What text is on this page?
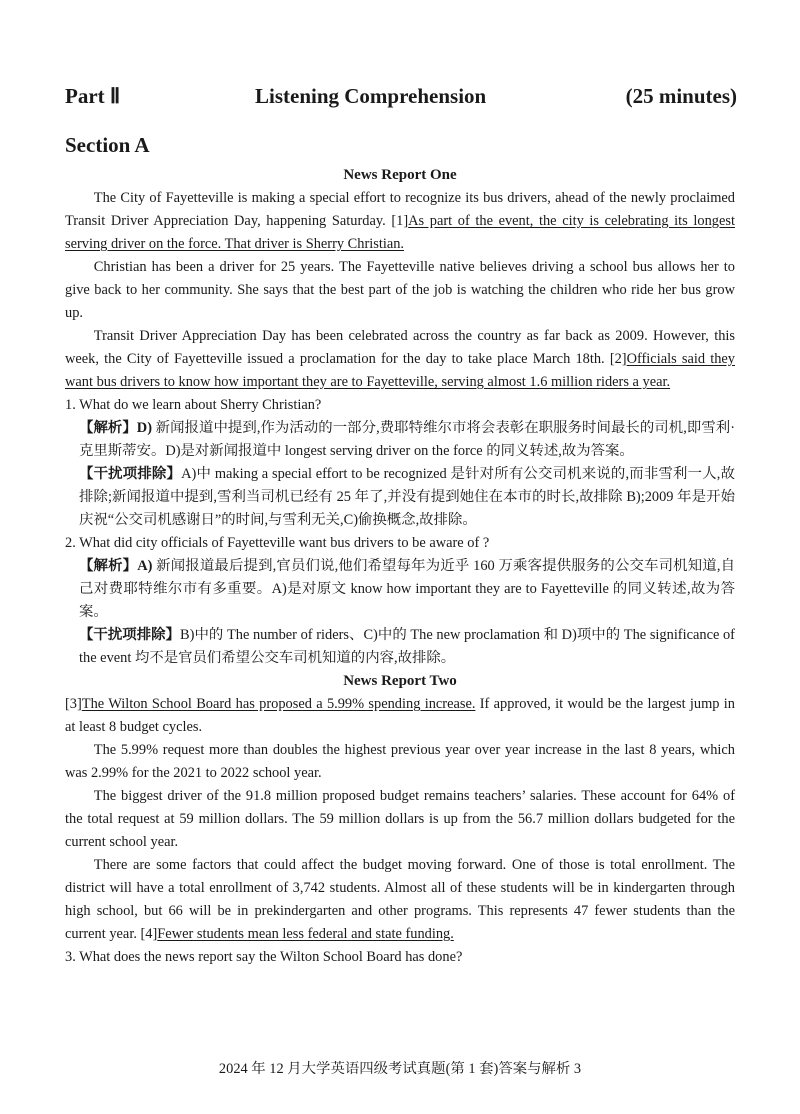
Part Ⅱ	Listening Comprehension	(25 minutes)
Section A
News Report One

The City of Fayetteville is making a special effort to recognize its bus drivers, ahead of the newly proclaimed Transit Driver Appreciation Day, happening Saturday. [1]As part of the event, the city is celebrating its longest serving driver on the force. That driver is Sherry Christian.

Christian has been a driver for 25 years. The Fayetteville native believes driving a school bus allows her to give back to her community. She says that the best part of the job is watching the children who ride her bus grow up.

Transit Driver Appreciation Day has been celebrated across the country as far back as 2009. However, this week, the City of Fayetteville issued a proclamation for the day to take place March 18th. [2]Officials said they want bus drivers to know how important they are to Fayetteville, serving almost 1.6 million riders a year.

1. What do we learn about Sherry Christian?

【解析】D) 新闻报道中提到,作为活动的一部分,费耶特维尔市将会表彰在职服务时间最长的司机,即雪利·克里斯蒂安。D)是对新闻报道中 longest serving driver on the force 的同义转述,故为答案。

【干扰项排除】A)中 making a special effort to be recognized 是针对所有公交司机来说的,而非雪利一人,故排除;新闻报道中提到,雪利当司机已经有 25 年了,并没有提到她住在本市的时长,故排除 B);2009 年是开始庆祝“公交司机感谢日”的时间,与雪利无关,C)偷换概念,故排除。

2. What did city officials of Fayetteville want bus drivers to be aware of ?

【解析】A) 新闻报道最后提到,官员们说,他们希望每年为近乎 160 万乘客提供服务的公交车司机知道,自己对费耶特维尔市有多重要。A)是对原文 know how important they are to Fayetteville 的同义转述,故为答案。

【干扰项排除】B)中的 The number of riders、C)中的 The new proclamation 和 D)项中的 The significance of the event 均不是官员们希望公交车司机知道的内容,故排除。

News Report Two

[3]The Wilton School Board has proposed a 5.99% spending increase. If approved, it would be the largest jump in at least 8 budget cycles.

The 5.99% request more than doubles the highest previous year over year increase in the last 8 years, which was 2.99% for the 2021 to 2022 school year.

The biggest driver of the 91.8 million proposed budget remains teachers’ salaries. These account for 64% of the total request at 59 million dollars. The 59 million dollars is up from the 56.7 million dollars budgeted for the current school year.

There are some factors that could affect the budget moving forward. One of those is total enrollment. The district will have a total enrollment of 3,742 students. Almost all of these students will be in kindergarten through high school, but 66 will be in prekindergarten and other programs. This represents 47 fewer students than the current year. [4]Fewer students mean less federal and state funding.

3. What does the news report say the Wilton School Board has done?

2024 年 12 月大学英语四级考试真题(第 1 套)答案与解析 3
